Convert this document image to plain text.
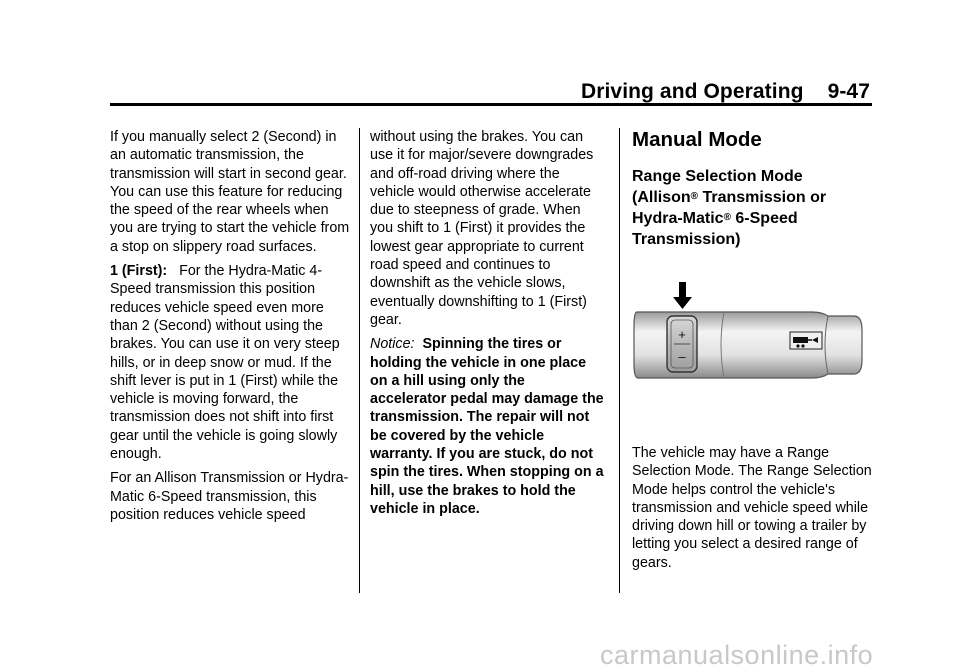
Driving and Operating 9-47

If you manually select 2 (Second) in an automatic transmission, the transmission will start in second gear. You can use this feature for reducing the speed of the rear wheels when you are trying to start the vehicle from a stop on slippery road surfaces.

1 (First): For the Hydra-Matic 4-Speed transmission this position reduces vehicle speed even more than 2 (Second) without using the brakes. You can use it on very steep hills, or in deep snow or mud. If the shift lever is put in 1 (First) while the vehicle is moving forward, the transmission does not shift into first gear until the vehicle is going slowly enough.

For an Allison Transmission or Hydra-Matic 6-Speed transmission, this position reduces vehicle speed

without using the brakes. You can use it for major/severe downgrades and off-road driving where the vehicle would otherwise accelerate due to steepness of grade. When you shift to 1 (First) it provides the lowest gear appropriate to current road speed and continues to downshift as the vehicle slows, eventually downshifting to 1 (First) gear.

Notice: Spinning the tires or holding the vehicle in one place on a hill using only the accelerator pedal may damage the transmission. The repair will not be covered by the vehicle warranty. If you are stuck, do not spin the tires. When stopping on a hill, use the brakes to hold the vehicle in place.

Manual Mode
Range Selection Mode (Allison® Transmission or Hydra-Matic® 6-Speed Transmission)
+
–
The vehicle may have a Range Selection Mode. The Range Selection Mode helps control the vehicle's transmission and vehicle speed while driving down hill or towing a trailer by letting you select a desired range of gears.
carmanualsonline.info
